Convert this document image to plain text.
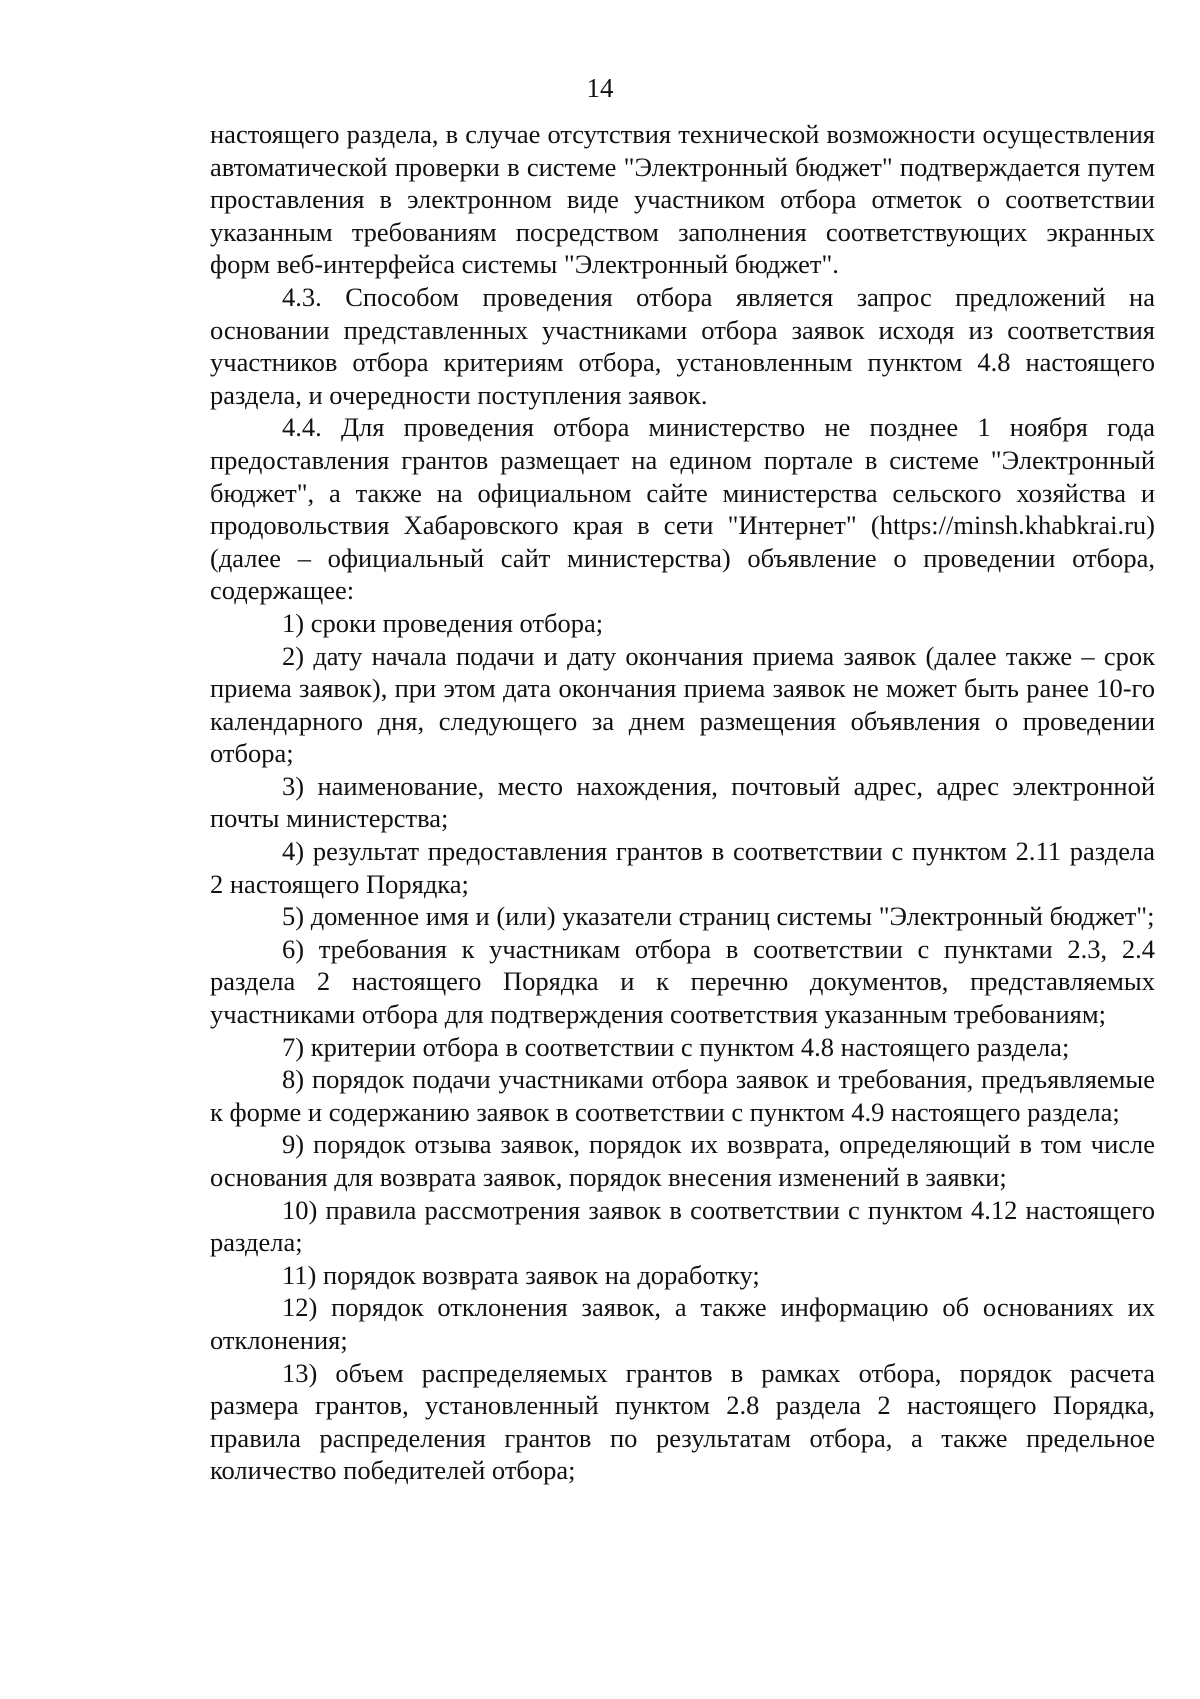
14

настоящего раздела, в случае отсутствия технической возможности осуществления автоматической проверки в системе "Электронный бюджет" подтверждается путем проставления в электронном виде участником отбора отметок о соответствии указанным требованиям посредством заполнения соответствующих экранных форм веб-интерфейса системы "Электронный бюджет".

4.3. Способом проведения отбора является запрос предложений на основании представленных участниками отбора заявок исходя из соответствия участников отбора критериям отбора, установленным пунктом 4.8 настоящего раздела, и очередности поступления заявок.

4.4. Для проведения отбора министерство не позднее 1 ноября года предоставления грантов размещает на едином портале в системе "Электронный бюджет", а также на официальном сайте министерства сельского хозяйства и продовольствия Хабаровского края в сети "Интернет" (https://minsh.khabkrai.ru) (далее – официальный сайт министерства) объявление о проведении отбора, содержащее:

1) сроки проведения отбора;

2) дату начала подачи и дату окончания приема заявок (далее также – срок приема заявок), при этом дата окончания приема заявок не может быть ранее 10-го календарного дня, следующего за днем размещения объявления о проведении отбора;

3) наименование, место нахождения, почтовый адрес, адрес электронной почты министерства;

4) результат предоставления грантов в соответствии с пунктом 2.11 раздела 2 настоящего Порядка;

5) доменное имя и (или) указатели страниц системы "Электронный бюджет";

6) требования к участникам отбора в соответствии с пунктами 2.3, 2.4 раздела 2 настоящего Порядка и к перечню документов, представляемых участниками отбора для подтверждения соответствия указанным требованиям;

7) критерии отбора в соответствии с пунктом 4.8 настоящего раздела;

8) порядок подачи участниками отбора заявок и требования, предъявляемые к форме и содержанию заявок в соответствии с пунктом 4.9 настоящего раздела;

9) порядок отзыва заявок, порядок их возврата, определяющий в том числе основания для возврата заявок, порядок внесения изменений в заявки;

10) правила рассмотрения заявок в соответствии с пунктом 4.12 настоящего раздела;

11) порядок возврата заявок на доработку;

12) порядок отклонения заявок, а также информацию об основаниях их отклонения;

13) объем распределяемых грантов в рамках отбора, порядок расчета размера грантов, установленный пунктом 2.8 раздела 2 настоящего Порядка, правила распределения грантов по результатам отбора, а также предельное количество победителей отбора;
